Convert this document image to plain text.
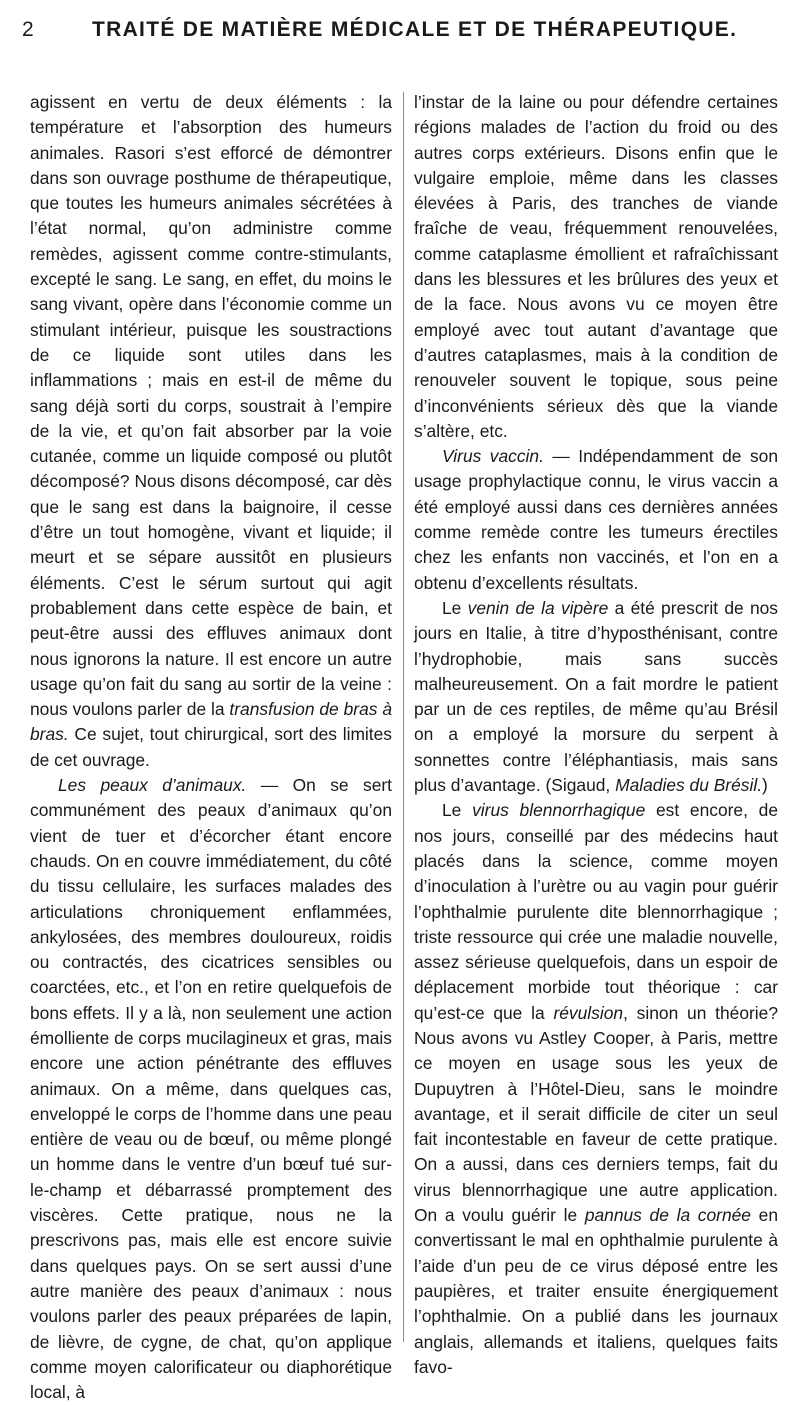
2	TRAITÉ DE MATIÈRE MÉDICALE ET DE THÉRAPEUTIQUE.

agissent en vertu de deux éléments : la température et l’absorption des humeurs animales. Rasori s’est efforcé de démontrer dans son ouvrage posthume de thérapeutique, que toutes les humeurs animales sécrétées à l’état normal, qu’on administre comme remèdes, agissent comme contre-stimulants, excepté le sang. Le sang, en effet, du moins le sang vivant, opère dans l’économie comme un stimulant intérieur, puisque les soustractions de ce liquide sont utiles dans les inflammations ; mais en est-il de même du sang déjà sorti du corps, soustrait à l’empire de la vie, et qu’on fait absorber par la voie cutanée, comme un liquide composé ou plutôt décomposé? Nous disons décomposé, car dès que le sang est dans la baignoire, il cesse d’être un tout homogène, vivant et liquide; il meurt et se sépare aussitôt en plusieurs éléments. C’est le sérum surtout qui agit probablement dans cette espèce de bain, et peut-être aussi des effluves animaux dont nous ignorons la nature. Il est encore un autre usage qu’on fait du sang au sortir de la veine : nous voulons parler de la transfusion de bras à bras. Ce sujet, tout chirurgical, sort des limites de cet ouvrage.

Les peaux d’animaux. — On se sert communément des peaux d’animaux qu’on vient de tuer et d’écorcher étant encore chauds. On en couvre immédiatement, du côté du tissu cellulaire, les surfaces malades des articulations chroniquement enflammées, ankylosées, des membres douloureux, roidis ou contractés, des cicatrices sensibles ou coarctées, etc., et l’on en retire quelquefois de bons effets. Il y a là, non seulement une action émolliente de corps mucilagineux et gras, mais encore une action pénétrante des effluves animaux. On a même, dans quelques cas, enveloppé le corps de l’homme dans une peau entière de veau ou de bœuf, ou même plongé un homme dans le ventre d’un bœuf tué sur-le-champ et débarrassé promptement des viscères. Cette pratique, nous ne la prescrivons pas, mais elle est encore suivie dans quelques pays. On se sert aussi d’une autre manière des peaux d’animaux : nous voulons parler des peaux préparées de lapin, de lièvre, de cygne, de chat, qu’on applique comme moyen calorificateur ou diaphorétique local, à

l’instar de la laine ou pour défendre certaines régions malades de l’action du froid ou des autres corps extérieurs. Disons enfin que le vulgaire emploie, même dans les classes élevées à Paris, des tranches de viande fraîche de veau, fréquemment renouvelées, comme cataplasme émollient et rafraîchissant dans les blessures et les brûlures des yeux et de la face. Nous avons vu ce moyen être employé avec tout autant d’avantage que d’autres cataplasmes, mais à la condition de renouveler souvent le topique, sous peine d’inconvénients sérieux dès que la viande s’altère, etc.

Virus vaccin. — Indépendamment de son usage prophylactique connu, le virus vaccin a été employé aussi dans ces dernières années comme remède contre les tumeurs érectiles chez les enfants non vaccinés, et l’on en a obtenu d’excellents résultats.

Le venin de la vipère a été prescrit de nos jours en Italie, à titre d’hyposthénisant, contre l’hydrophobie, mais sans succès malheureusement. On a fait mordre le patient par un de ces reptiles, de même qu’au Brésil on a employé la morsure du serpent à sonnettes contre l’éléphantiasis, mais sans plus d’avantage. (Sigaud, Maladies du Brésil.)

Le virus blennorrhagique est encore, de nos jours, conseillé par des médecins haut placés dans la science, comme moyen d’inoculation à l’urètre ou au vagin pour guérir l’ophthalmie purulente dite blennorrhagique ; triste ressource qui crée une maladie nouvelle, assez sérieuse quelquefois, dans un espoir de déplacement morbide tout théorique : car qu’est-ce que la révulsion, sinon un théorie? Nous avons vu Astley Cooper, à Paris, mettre ce moyen en usage sous les yeux de Dupuytren à l’Hôtel-Dieu, sans le moindre avantage, et il serait difficile de citer un seul fait incontestable en faveur de cette pratique. On a aussi, dans ces derniers temps, fait du virus blennorrhagique une autre application. On a voulu guérir le pannus de la cornée en convertissant le mal en ophthalmie purulente à l’aide d’un peu de ce virus déposé entre les paupières, et traiter ensuite énergiquement l’ophthalmie. On a publié dans les journaux anglais, allemands et italiens, quelques faits favo-
